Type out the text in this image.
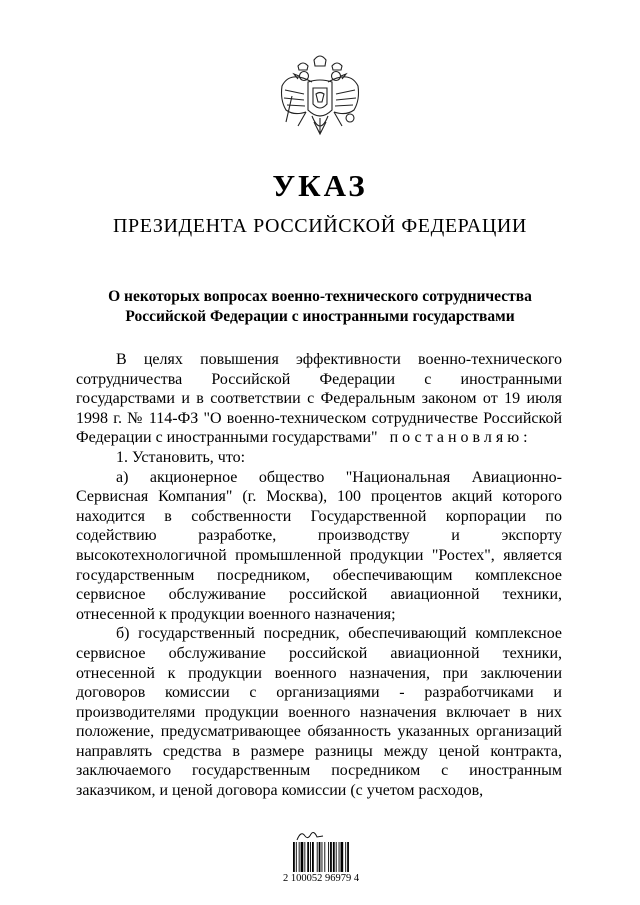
УКАЗ
ПРЕЗИДЕНТА РОССИЙСКОЙ ФЕДЕРАЦИИ
О некоторых вопросах военно-технического сотрудничества
Российской Федерации с иностранными государствами

В целях повышения эффективности военно-технического сотрудничества Российской Федерации с иностранными государствами и в соответствии с Федеральным законом от 19 июля 1998 г. № 114-ФЗ "О военно-техническом сотрудничестве Российской Федерации с иностранными государствами" постановляю:

1. Установить, что:

а) акционерное общество "Национальная Авиационно-Сервисная Компания" (г. Москва), 100 процентов акций которого находится в собственности Государственной корпорации по содействию разработке, производству и экспорту высокотехнологичной промышленной продукции "Ростех", является государственным посредником, обеспечивающим комплексное сервисное обслуживание российской авиационной техники, отнесенной к продукции военного назначения;

б) государственный посредник, обеспечивающий комплексное сервисное обслуживание российской авиационной техники, отнесенной к продукции военного назначения, при заключении договоров комиссии с организациями - разработчиками и производителями продукции военного назначения включает в них положение, предусматривающее обязанность указанных организаций направлять средства в размере разницы между ценой контракта, заключаемого государственным посредником с иностранным заказчиком, и ценой договора комиссии (с учетом расходов,

2 100052 96979 4
